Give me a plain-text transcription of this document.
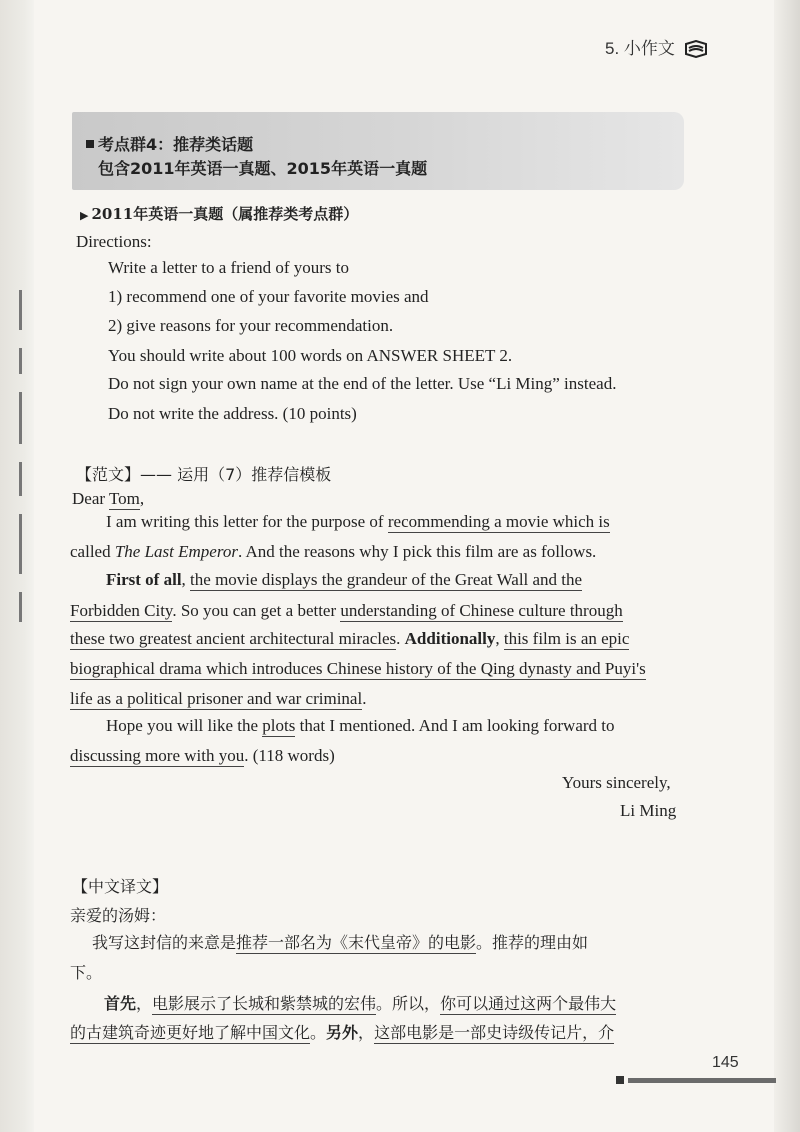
5. 小作文
考点群4：推荐类话题
包含2011年英语一真题、2015年英语一真题
▶ 2011年英语一真题（属推荐类考点群）
Directions:
Write a letter to a friend of yours to
1) recommend one of your favorite movies and
2) give reasons for your recommendation.
You should write about 100 words on ANSWER SHEET 2.
Do not sign your own name at the end of the letter. Use “Li Ming” instead.
Do not write the address. (10 points)
【范文】—— 运用（7）推荐信模板
Dear Tom,
I am writing this letter for the purpose of recommending a movie which is
called The Last Emperor. And the reasons why I pick this film are as follows.
First of all, the movie displays the grandeur of the Great Wall and the
Forbidden City. So you can get a better understanding of Chinese culture through
these two greatest ancient architectural miracles. Additionally, this film is an epic
biographical drama which introduces Chinese history of the Qing dynasty and Puyi's
life as a political prisoner and war criminal.
Hope you will like the plots that I mentioned. And I am looking forward to
discussing more with you. (118 words)
Yours sincerely,
Li Ming
【中文译文】
亲爱的汤姆：
我写这封信的来意是推荐一部名为《末代皇帝》的电影。推荐的理由如
下。
首先，电影展示了长城和紫禁城的宏伟。所以，你可以通过这两个最伟大
的古建筑奇迹更好地了解中国文化。另外，这部电影是一部史诗级传记片，介
145
